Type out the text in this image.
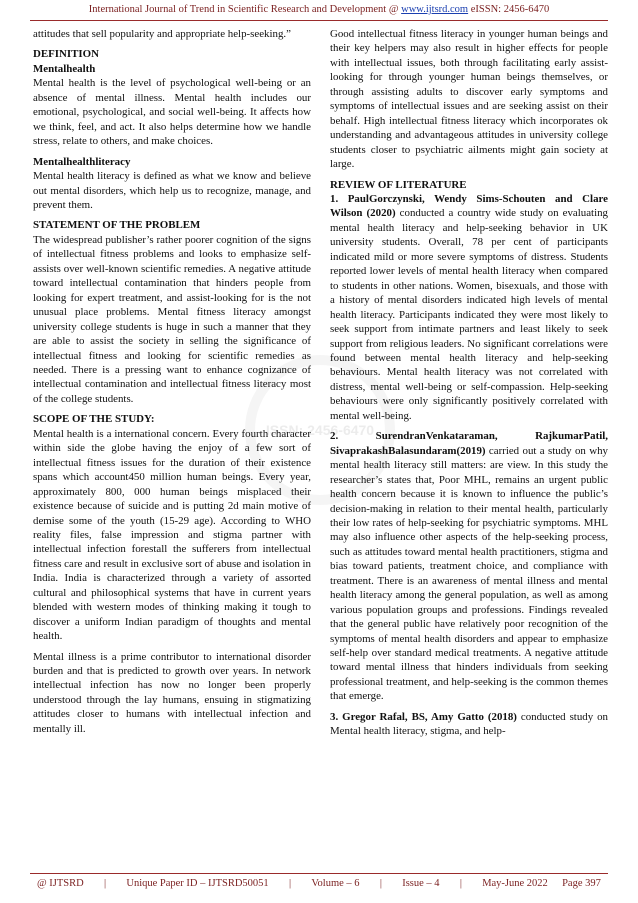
International Journal of Trend in Scientific Research and Development @ www.ijtsrd.com eISSN: 2456-6470
ISSN: 2456-6470

attitudes that sell popularity and appropriate help-seeking.”

DEFINITION
Mentalhealth

Mental health is the level of psychological well-being or an absence of mental illness. Mental health includes our emotional, psychological, and social well-being. It affects how we think, feel, and act. It also helps determine how we handle stress, relate to others, and make choices.

Mentalhealthliteracy

Mental health literacy is defined as what we know and believe out mental disorders, which help us to recognize, manage, and prevent them.

STATEMENT OF THE PROBLEM

The widespread publisher’s rather poorer cognition of the signs of intellectual fitness problems and looks to emphasize self-assists over well-known scientific remedies. A negative attitude toward intellectual contamination that hinders people from looking for expert treatment, and assist-looking for is the not unusual place problems. Mental fitness literacy amongst university college students is huge in such a manner that they are able to assist the society in selling the significance of intellectual fitness and looking for scientific remedies as needed. There is a pressing want to enhance cognizance of intellectual contamination and intellectual fitness literacy most of the college students.

SCOPE OF THE STUDY:

Mental health is a international concern. Every fourth character within side the globe having the enjoy of a few sort of intellectual fitness issues for the duration of their existence spans which account450 million human beings. Every year, approximately 800, 000 human beings misplaced their existence because of suicide and is putting 2d main motive of demise some of the youth (15-29 age). According to WHO reality files, false impression and stigma partner with intellectual infection forestall the sufferers from intellectual fitness care and result in exclusive sort of abuse and isolation in India. India is characterized through a variety of assorted cultural and philosophical systems that have in current years blended with western modes of thinking making it tough to discover a uniform Indian paradigm of thoughts and mental health.

Mental illness is a prime contributor to international disorder burden and that is predicted to growth over years. In network intellectual infection has now no longer been properly understood through the lay humans, ensuing in stigmatizing attitudes closer to humans with intellectual infection and mentally ill.

Good intellectual fitness literacy in younger human beings and their key helpers may also result in higher effects for people with intellectual issues, both through facilitating early assist-looking for through younger human beings themselves, or through assisting adults to discover early symptoms and symptoms of intellectual issues and are seeking assist on their behalf. High intellectual fitness literacy which incorporates ok understanding and advantageous attitudes in university college students closer to psychiatric ailments might gain society at large.

REVIEW OF LITERATURE

1. PaulGorczynski, Wendy Sims-Schouten and Clare Wilson (2020) conducted a country wide study on evaluating mental health literacy and help-seeking behavior in UK university students. Overall, 78 per cent of participants indicated mild or more severe symptoms of distress. Students reported lower levels of mental health literacy when compared to students in other nations. Women, bisexuals, and those with a history of mental disorders indicated high levels of mental health literacy. Participants indicated they were most likely to seek support from intimate partners and least likely to seek support from religious leaders. No significant correlations were found between mental health literacy and help-seeking behaviours. Mental health literacy was not correlated with distress, mental well-being or self-compassion. Help-seeking behaviours were only significantly positively correlated with mental well-being.

2. SurendranVenkataraman, RajkumarPatil, SivaprakashBalasundaram(2019) carried out a study on why mental health literacy still matters: are view. In this study the researcher’s states that, Poor MHL, remains an urgent public health concern because it is known to influence the public’s decision-making in relation to their mental health, particularly their low rates of help-seeking for psychiatric symptoms. MHL may also influence other aspects of the help-seeking process, such as attitudes toward mental health practitioners, stigma and bias toward patients, treatment choice, and compliance with treatment. There is an awareness of mental illness and mental health literacy among the general population, as well as among various population groups and professions. Findings revealed that the general public have relatively poor recognition of the symptoms of mental health disorders and appear to emphasize self-help over standard medical treatments. A negative attitude toward mental illness that hinders individuals from seeking professional treatment, and help-seeking is the common themes that emerge.

3. Gregor Rafal, BS, Amy Gatto (2018) conducted study on Mental health literacy, stigma, and help-

@ IJTSRD	|	Unique Paper ID – IJTSRD50051	|	Volume – 6	|	Issue – 4	|	May-June 2022 Page 397
